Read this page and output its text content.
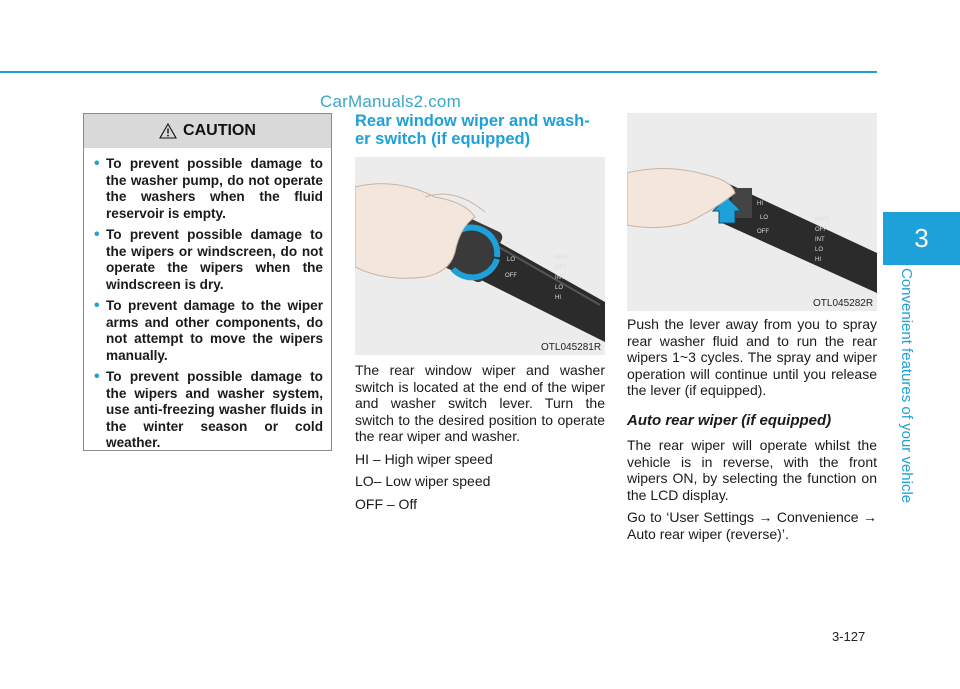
CarManuals2.com
3
Convenient features of your vehicle
CAUTION
• To prevent possible damage to the washer pump, do not operate the washers when the fluid reservoir is empty.
• To prevent possible damage to the wipers or windscreen, do not operate the wipers when the windscreen is dry.
• To prevent damage to the wiper arms and other components, do not attempt to move the wipers manually.
• To prevent possible damage to the wipers and washer system, use anti-freezing washer fluids in the winter season or cold weather.
Rear window wiper and wash-
er switch (if equipped)
HI
LO
OFF
MIST
OFF
INT
LO
HI
OTL045281R

The rear window wiper and washer switch is located at the end of the wiper and washer switch lever. Turn the switch to the desired position to operate the rear wiper and washer.

HI – High wiper speed

LO– Low wiper speed

OFF – Off

HI
LO
OFF
MIST
OFF
INT
LO
HI
OTL045282R

Push the lever away from you to spray rear washer fluid and to run the rear wipers 1~3 cycles. The spray and wiper operation will continue until you release the lever (if equipped).

Auto rear wiper (if equipped)

The rear wiper will operate whilst the vehicle is in reverse, with the front wipers ON, by selecting the function on the LCD display.

Go to ‘User Settings → Convenience → Auto rear wiper (reverse)’.

3-127
